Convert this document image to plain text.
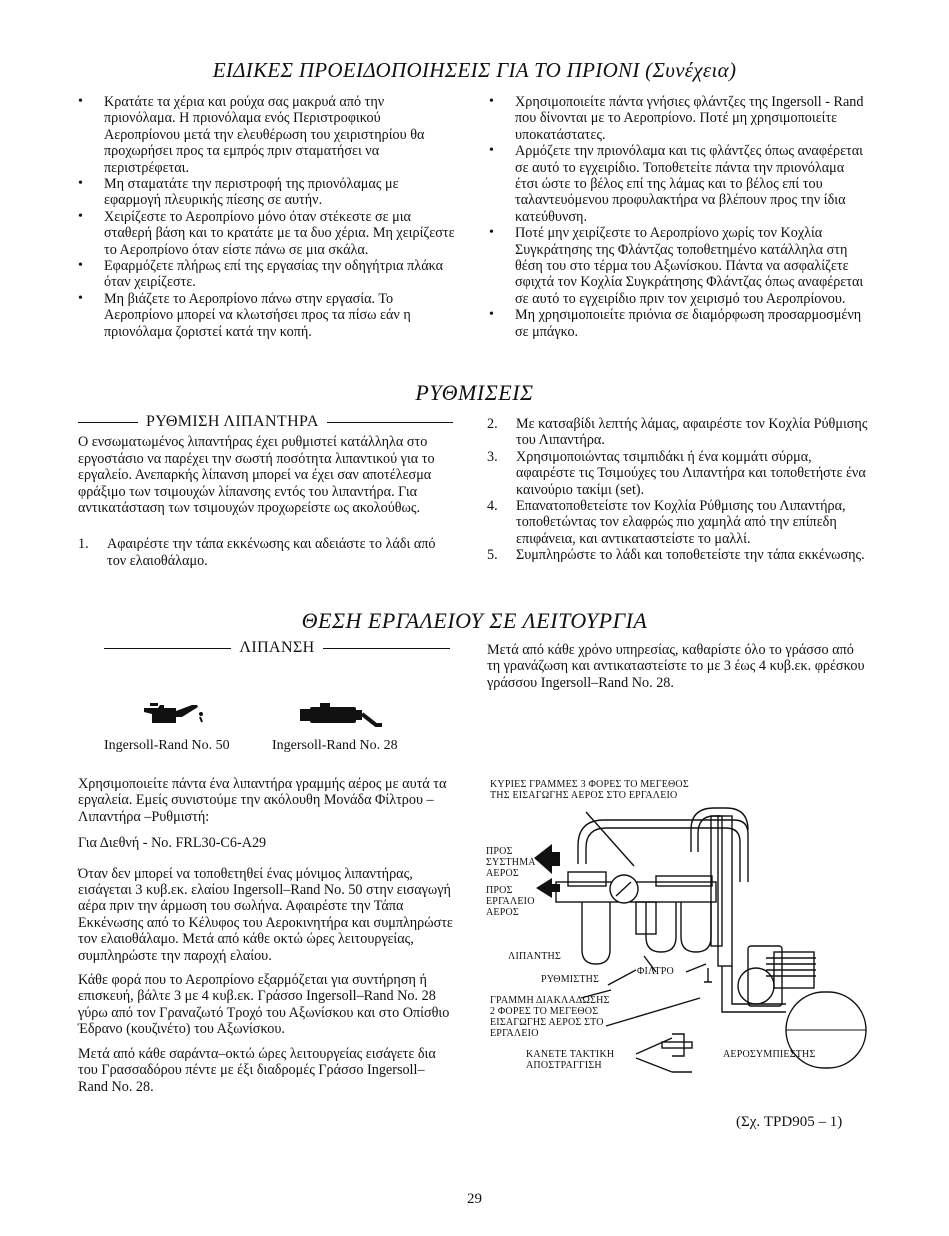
ΕΙΔΙΚΕΣ ΠΡΟΕΙΔΟΠΟΙΗΣΕΙΣ ΓΙΑ ΤΟ ΠΡΙΟΝΙ (Συνέχεια)
• Κρατάτε τα χέρια και ρούχα σας μακρυά από την πριονόλαμα. Η πριονόλαμα ενός Περιστροφικού Αεροπρίονου μετά την ελευθέρωση του χειριστηρίου θα προχωρήσει προς τα εμπρός πριν σταματήσει να περιστρέφεται.
• Μη σταματάτε την περιστροφή της πριονόλαμας με εφαρμογή πλευρικής πίεσης σε αυτήν.
• Χειρίζεστε το Αεροπρίονο μόνο όταν στέκεστε σε μια σταθερή βάση και το κρατάτε με τα δυο χέρια. Μη χειρίζεστε το Αεροπρίονο όταν είστε πάνω σε μια σκάλα.
• Εφαρμόζετε πλήρως επί της εργασίας την οδηγήτρια πλάκα όταν χειρίζεστε.
• Μη βιάζετε το Αεροπρίονο πάνω στην εργασία. Το Αεροπρίονο μπορεί να κλωτσήσει προς τα πίσω εάν η πριονόλαμα ζοριστεί κατά την κοπή.
• Χρησιμοποιείτε πάντα γνήσιες φλάντζες της Ingersoll - Rand που δίνονται με το Αεροπρίονο. Ποτέ μη χρησιμοποιείτε υποκατάστατες.
• Αρμόζετε την πριονόλαμα και τις φλάντζες όπως αναφέρεται σε αυτό το εγχειρίδιο. Τοποθετείτε πάντα την πριονόλαμα έτσι ώστε το βέλος επί της λάμας και το βέλος επί του ταλαντευόμενου προφυλακτήρα να βλέπουν προς την ίδια κατεύθυνση.
• Ποτέ μην χειρίζεστε το Αεροπρίονο χωρίς τον Κοχλία Συγκράτησης της Φλάντζας τοποθετημένο κατάλληλα στη θέση του στο τέρμα του Αξωνίσκου. Πάντα να ασφαλίζετε σφιχτά τον Κοχλία Συγκράτησης Φλάντζας όπως αναφέρεται σε αυτό το εγχειρίδιο πριν τον χειρισμό του Αεροπρίονου.
• Μη χρησιμοποιείτε πριόνια σε διαμόρφωση προσαρμοσμένη σε μπάγκο.
ΡΥΘΜΙΣΕΙΣ
ΡΥΘΜΙΣΗ ΛΙΠΑΝΤΗΡΑ

Ο ενσωματωμένος λιπαντήρας έχει ρυθμιστεί κατάλληλα στο εργοστάσιο να παρέχει την σωστή ποσότητα λιπαντικού για το εργαλείο. Ανεπαρκής λίπανση μπορεί να έχει σαν αποτέλεσμα φράξιμο των τσιμουχών λίπανσης εντός του λιπαντήρα. Για αντικατάσταση των τσιμουχών προχωρείστε ως ακολούθως.

1. Αφαιρέστε την τάπα εκκένωσης και αδειάστε το λάδι από τον ελαιοθάλαμο.
2. Με κατσαβίδι λεπτής λάμας, αφαιρέστε τον Κοχλία Ρύθμισης του Λιπαντήρα.
3. Χρησιμοποιώντας τσιμπιδάκι ή ένα κομμάτι σύρμα, αφαιρέστε τις Τσιμούχες του Λιπαντήρα και τοποθετήστε ένα καινούριο τακίμι (set).
4. Επανατοποθετείστε τον Κοχλία Ρύθμισης του Λιπαντήρα, τοποθετώντας τον ελαφρώς πιο χαμηλά από την επίπεδη επιφάνεια, και αντικαταστείστε το μαλλί.
5. Συμπληρώστε το λάδι και τοποθετείστε την τάπα εκκένωσης.
ΘΕΣΗ ΕΡΓΑΛΕΙΟΥ ΣΕ ΛΕΙΤΟΥΡΓΙΑ
ΛΙΠΑΝΣΗ	Μετά από κάθε χρόνο υπηρεσίας, καθαρίστε όλο το γράσσο από τη γρανάζωση και αντικαταστείστε το με 3 έως 4 κυβ.εκ. φρέσκου γράσσου Ingersoll–Rand No. 28.
Ingersoll-Rand No. 50	Ingersoll-Rand No. 28

Χρησιμοποιείτε πάντα ένα λιπαντήρα γραμμής αέρος με αυτά τα εργαλεία. Εμείς συνιστούμε την ακόλουθη Μονάδα Φίλτρου –Λιπαντήρα –Ρυθμιστή:

Για Διεθνή - No. FRL30-C6-A29

Όταν δεν μπορεί να τοποθετηθεί ένας μόνιμος λιπαντήρας, εισάγεται 3 κυβ.εκ. ελαίου Ingersoll–Rand No. 50 στην εισαγωγή αέρα πριν την άρμωση του σωλήνα. Αφαιρέστε την Τάπα Εκκένωσης από το Κέλυφος του Αεροκινητήρα και συμπληρώστε τον ελαιοθάλαμο. Μετά από κάθε οκτώ ώρες λειτουργείας, συμπληρώστε την παροχή ελαίου.

Κάθε φορά που το Αεροπρίονο εξαρμόζεται για συντήρηση ή επισκευή, βάλτε 3 με 4 κυβ.εκ. Γράσσο Ingersoll–Rand No. 28 γύρω από τον Γραναζωτό Τροχό του Αξωνίσκου και στο Οπίσθιο Έδρανο (κουζινέτο) του Αξωνίσκου.

Μετά από κάθε σαράντα–οκτώ ώρες λειτουργείας εισάγετε δια του Γρασσαδόρου πέντε με έξι διαδρομές Γράσσο Ingersoll–Rand No. 28.

ΚΥΡΙΕΣ ΓΡΑΜΜΕΣ 3 ΦΟΡΕΣ ΤΟ ΜΕΓΕΘΟΣ
ΤΗΣ ΕΙΣΑΓΩΓΗΣ ΑΕΡΟΣ ΣΤΟ ΕΡΓΑΛΕΙΟ
ΠΡΟΣ
ΣΥΣΤΗΜΑ
ΑΕΡΟΣ
ΠΡΟΣ
ΕΡΓΑΛΕΙΟ
ΑΕΡΟΣ
ΛΙΠΑΝΤΗΣ
ΦΙΛΤΡΟ
ΡΥΘΜΙΣΤΗΣ
ΓΡΑΜΜΗ ΔΙΑΚΛΑΔΩΣΗΣ
2 ΦΟΡΕΣ ΤΟ ΜΕΓΕΘΟΣ
ΕΙΣΑΓΩΓΗΣ ΑΕΡΟΣ ΣΤΟ
ΕΡΓΑΛΕΙΟ
ΚΑΝΕΤΕ ΤΑΚΤΙΚΗ
ΑΠΟΣΤΡΑΓΓΙΣΗ
ΑΕΡΟΣΥΜΠΙΕΣΤΗΣ
(Σχ. TPD905 – 1)
29
